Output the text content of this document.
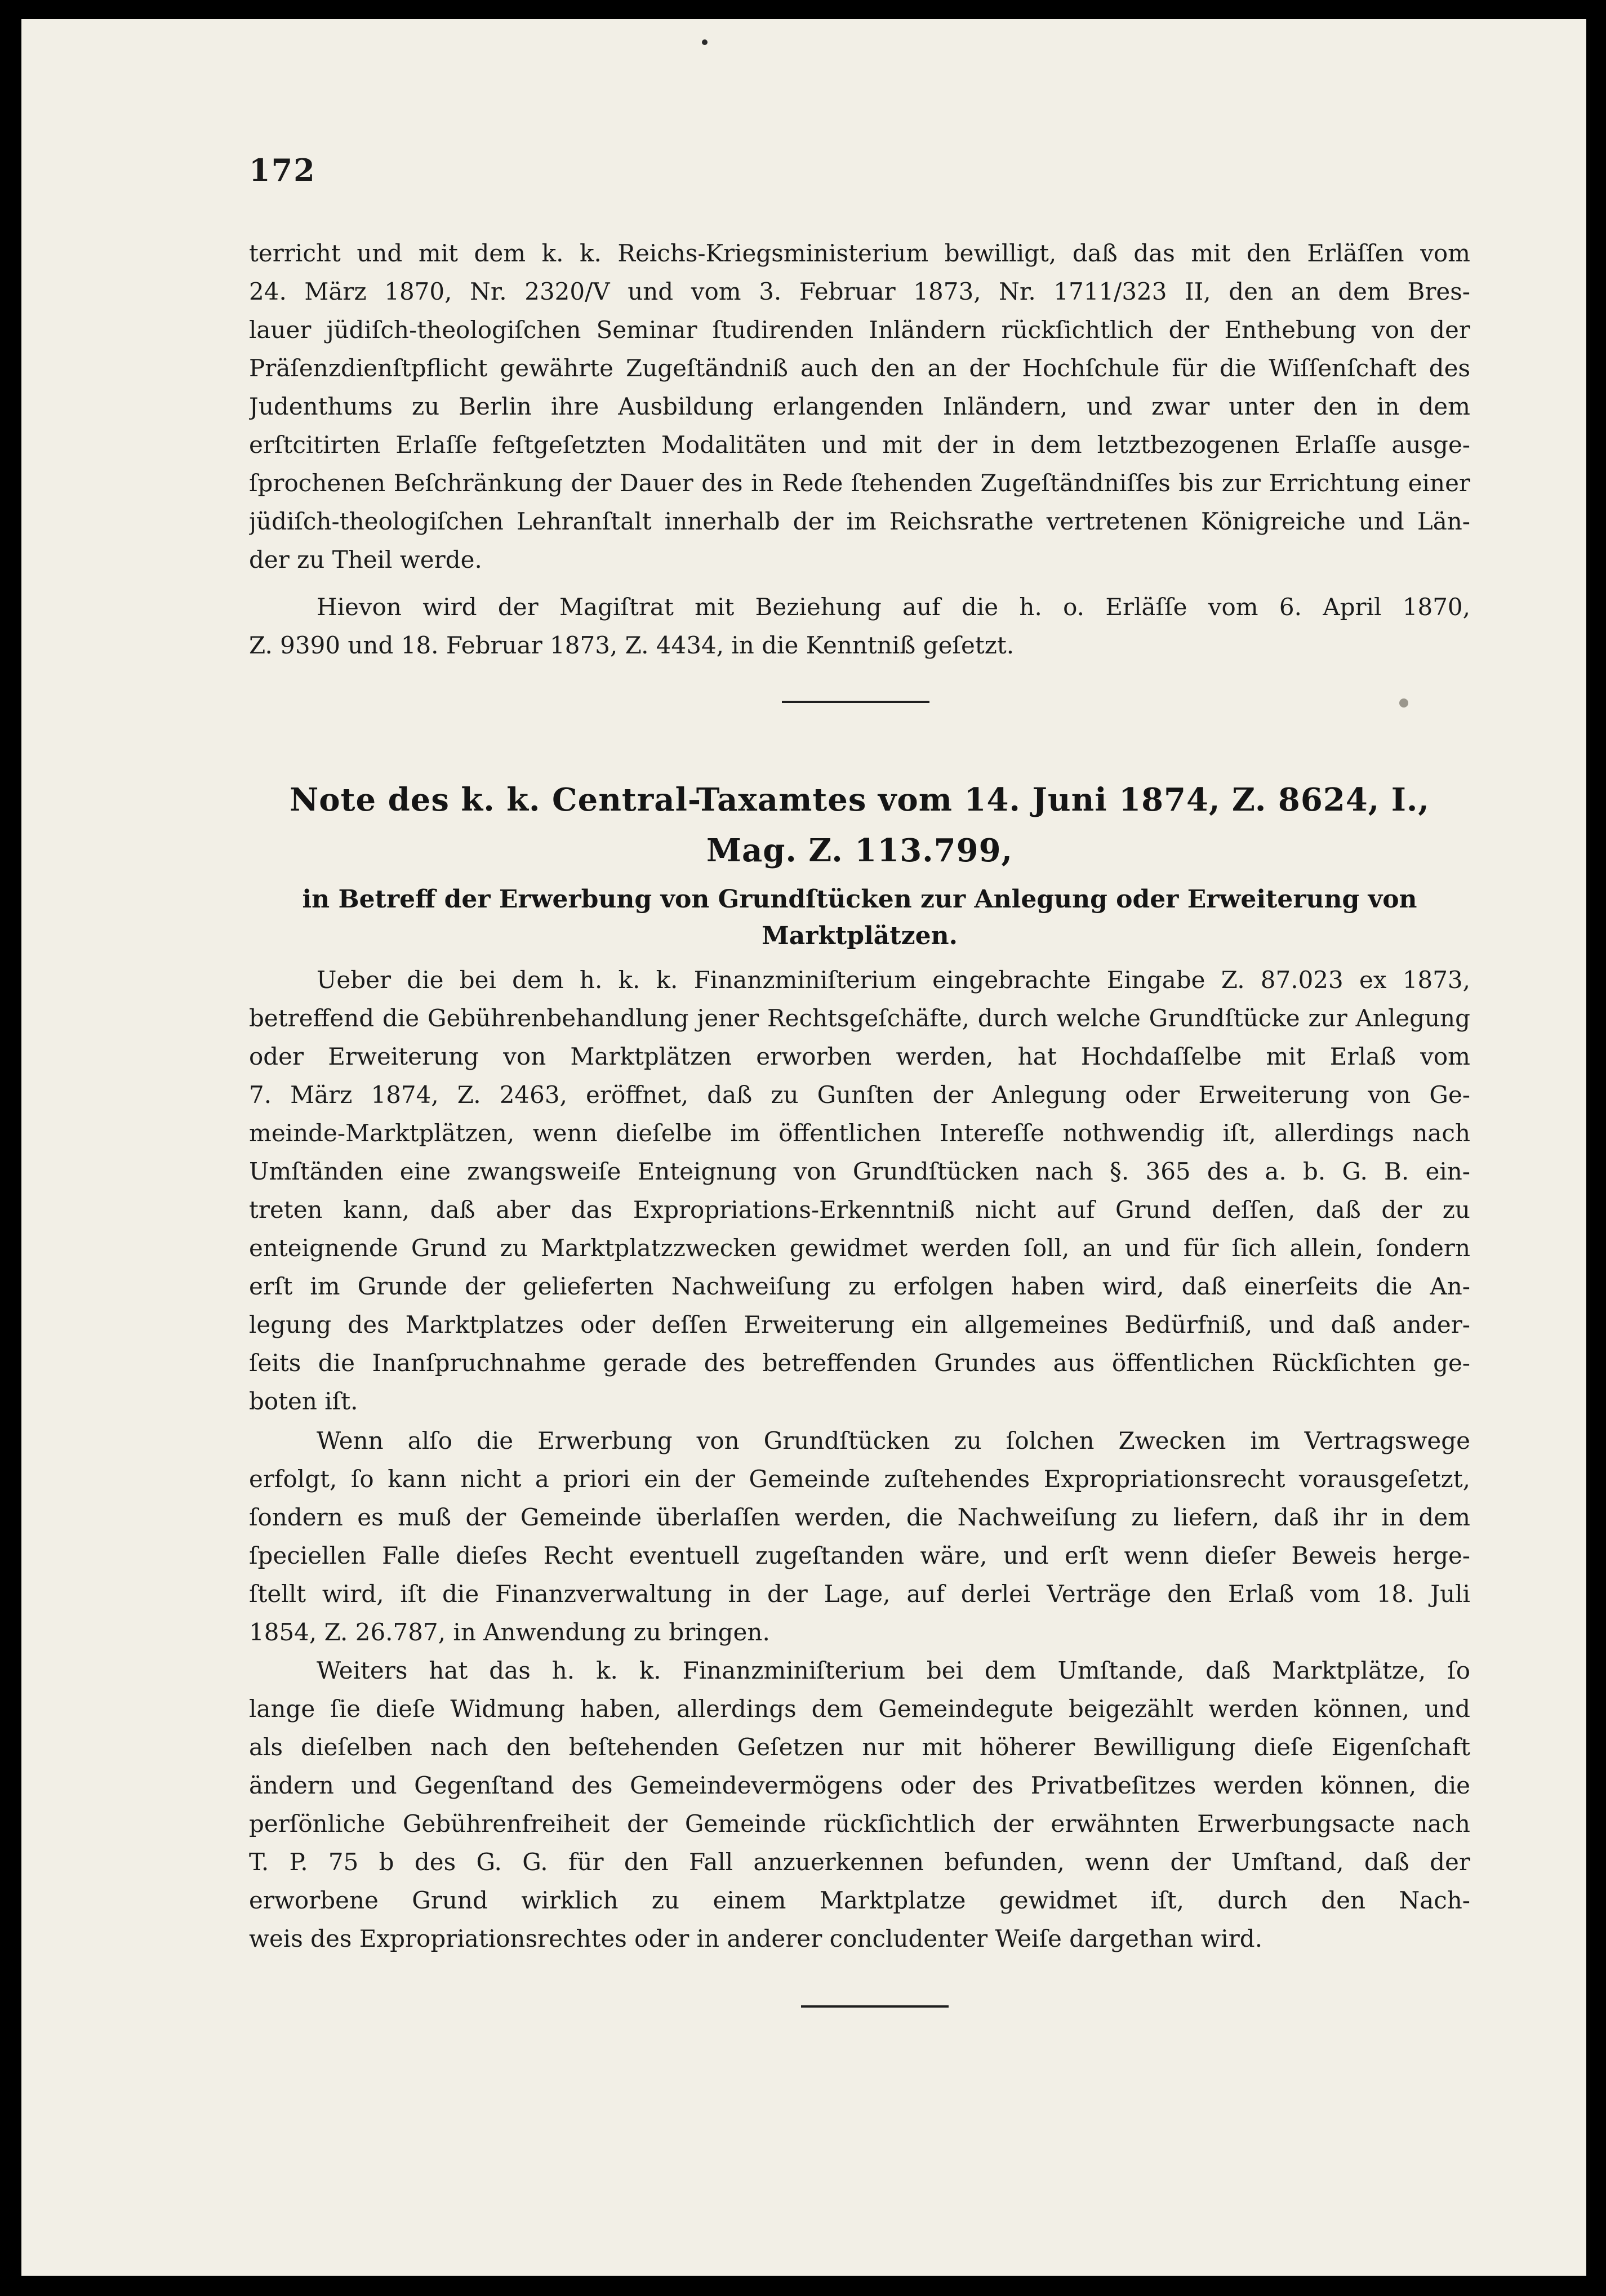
172
terricht und mit dem k. k. Reichs-Kriegsministerium bewilligt, daß das mit den Erläſſen vom
24. März 1870, Nr. 2320/V und vom 3. Februar 1873, Nr. 1711/323 II, den an dem Bres-
lauer jüdiſch-theologiſchen Seminar ſtudirenden Inländern rückſichtlich der Enthebung von der
Präſenzdienſtpflicht gewährte Zugeſtändniß auch den an der Hochſchule für die Wiſſenſchaft des
Judenthums zu Berlin ihre Ausbildung erlangenden Inländern, und zwar unter den in dem
erſtcitirten Erlaſſe feſtgeſetzten Modalitäten und mit der in dem letztbezogenen Erlaſſe ausge-
ſprochenen Beſchränkung der Dauer des in Rede ſtehenden Zugeſtändniſſes bis zur Errichtung einer
jüdiſch-theologiſchen Lehranſtalt innerhalb der im Reichsrathe vertretenen Königreiche und Län-
der zu Theil werde.
Hievon wird der Magiſtrat mit Beziehung auf die h. o. Erläſſe vom 6. April 1870,
Z. 9390 und 18. Februar 1873, Z. 4434, in die Kenntniß geſetzt.
Note des k. k. Central-Taxamtes vom 14. Juni 1874, Z. 8624, I.,
Mag. Z. 113.799,
in Betreff der Erwerbung von Grundſtücken zur Anlegung oder Erweiterung von
Marktplätzen.
Ueber die bei dem h. k. k. Finanzminiſterium eingebrachte Eingabe Z. 87.023 ex 1873,
betreffend die Gebührenbehandlung jener Rechtsgeſchäfte, durch welche Grundſtücke zur Anlegung
oder Erweiterung von Marktplätzen erworben werden, hat Hochdaſſelbe mit Erlaß vom
7. März 1874, Z. 2463, eröffnet, daß zu Gunſten der Anlegung oder Erweiterung von Ge-
meinde-Marktplätzen, wenn dieſelbe im öffentlichen Intereſſe nothwendig iſt, allerdings nach
Umſtänden eine zwangsweiſe Enteignung von Grundſtücken nach §. 365 des a. b. G. B. ein-
treten kann, daß aber das Expropriations-Erkenntniß nicht auf Grund deſſen, daß der zu
enteignende Grund zu Marktplatzzwecken gewidmet werden ſoll, an und für ſich allein, ſondern
erſt im Grunde der gelieferten Nachweiſung zu erfolgen haben wird, daß einerſeits die An-
legung des Marktplatzes oder deſſen Erweiterung ein allgemeines Bedürfniß, und daß ander-
ſeits die Inanſpruchnahme gerade des betreffenden Grundes aus öffentlichen Rückſichten ge-
boten iſt.
Wenn alſo die Erwerbung von Grundſtücken zu ſolchen Zwecken im Vertragswege
erfolgt, ſo kann nicht a priori ein der Gemeinde zuſtehendes Expropriationsrecht vorausgeſetzt,
ſondern es muß der Gemeinde überlaſſen werden, die Nachweiſung zu liefern, daß ihr in dem
ſpeciellen Falle dieſes Recht eventuell zugeſtanden wäre, und erſt wenn dieſer Beweis herge-
ſtellt wird, iſt die Finanzverwaltung in der Lage, auf derlei Verträge den Erlaß vom 18. Juli
1854, Z. 26.787, in Anwendung zu bringen.
Weiters hat das h. k. k. Finanzminiſterium bei dem Umſtande, daß Marktplätze, ſo
lange ſie dieſe Widmung haben, allerdings dem Gemeindegute beigezählt werden können, und
als dieſelben nach den beſtehenden Geſetzen nur mit höherer Bewilligung dieſe Eigenſchaft
ändern und Gegenſtand des Gemeindevermögens oder des Privatbeſitzes werden können, die
perſönliche Gebührenfreiheit der Gemeinde rückſichtlich der erwähnten Erwerbungsacte nach
T. P. 75 b des G. G. für den Fall anzuerkennen befunden, wenn der Umſtand, daß der
erworbene Grund wirklich zu einem Marktplatze gewidmet iſt, durch den Nach-
weis des Expropriationsrechtes oder in anderer concludenter Weiſe dargethan wird.
